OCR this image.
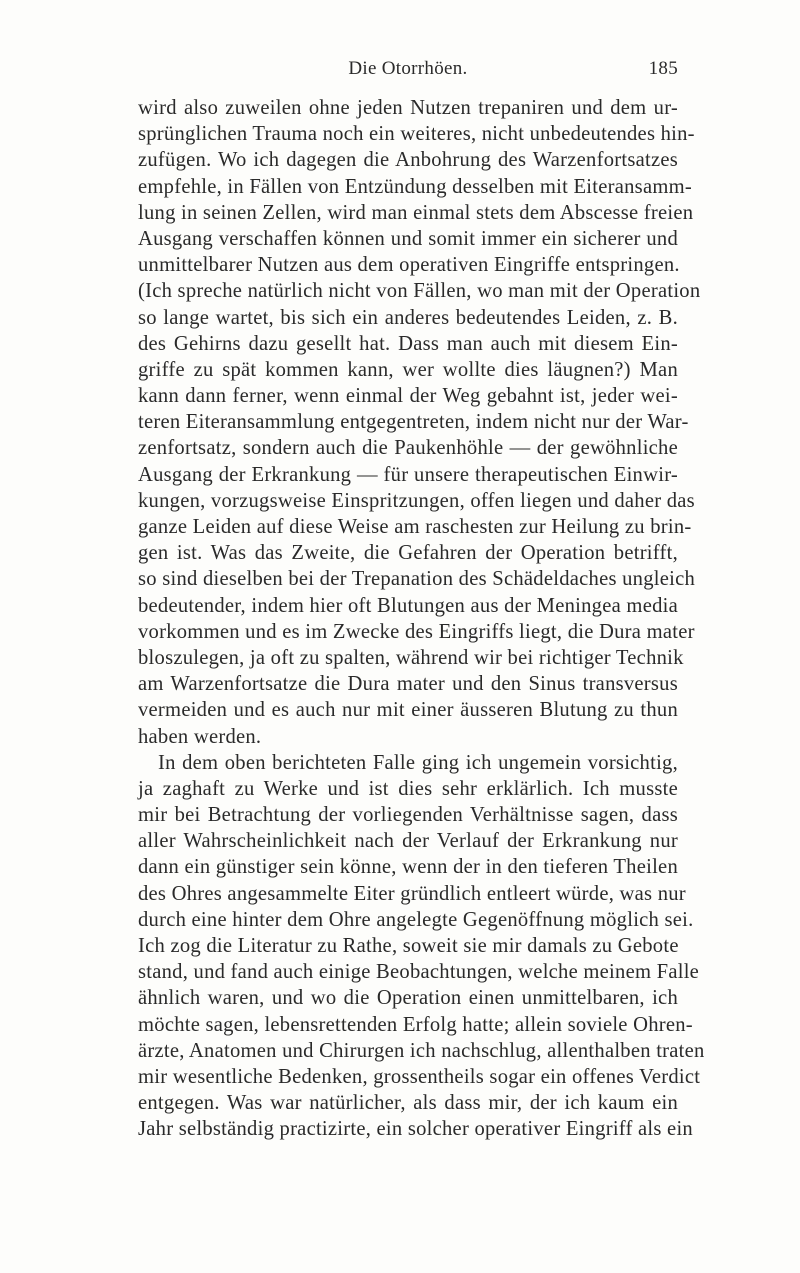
Die Otorrhöen.	185
wird also zuweilen ohne jeden Nutzen trepaniren und dem ur-
sprünglichen Trauma noch ein weiteres, nicht unbedeutendes hin-
zufügen. Wo ich dagegen die Anbohrung des Warzenfortsatzes
empfehle, in Fällen von Entzündung desselben mit Eiteransamm-
lung in seinen Zellen, wird man einmal stets dem Abscesse freien
Ausgang verschaffen können und somit immer ein sicherer und
unmittelbarer Nutzen aus dem operativen Eingriffe entspringen.
(Ich spreche natürlich nicht von Fällen, wo man mit der Operation
so lange wartet, bis sich ein anderes bedeutendes Leiden, z. B.
des Gehirns dazu gesellt hat. Dass man auch mit diesem Ein-
griffe zu spät kommen kann, wer wollte dies läugnen?) Man
kann dann ferner, wenn einmal der Weg gebahnt ist, jeder wei-
teren Eiteransammlung entgegentreten, indem nicht nur der War-
zenfortsatz, sondern auch die Paukenhöhle — der gewöhnliche
Ausgang der Erkrankung — für unsere therapeutischen Einwir-
kungen, vorzugsweise Einspritzungen, offen liegen und daher das
ganze Leiden auf diese Weise am raschesten zur Heilung zu brin-
gen ist. Was das Zweite, die Gefahren der Operation betrifft,
so sind dieselben bei der Trepanation des Schädeldaches ungleich
bedeutender, indem hier oft Blutungen aus der Meningea media
vorkommen und es im Zwecke des Eingriffs liegt, die Dura mater
bloszulegen, ja oft zu spalten, während wir bei richtiger Technik
am Warzenfortsatze die Dura mater und den Sinus transversus
vermeiden und es auch nur mit einer äusseren Blutung zu thun
haben werden.
In dem oben berichteten Falle ging ich ungemein vorsichtig,
ja zaghaft zu Werke und ist dies sehr erklärlich. Ich musste
mir bei Betrachtung der vorliegenden Verhältnisse sagen, dass
aller Wahrscheinlichkeit nach der Verlauf der Erkrankung nur
dann ein günstiger sein könne, wenn der in den tieferen Theilen
des Ohres angesammelte Eiter gründlich entleert würde, was nur
durch eine hinter dem Ohre angelegte Gegenöffnung möglich sei.
Ich zog die Literatur zu Rathe, soweit sie mir damals zu Gebote
stand, und fand auch einige Beobachtungen, welche meinem Falle
ähnlich waren, und wo die Operation einen unmittelbaren, ich
möchte sagen, lebensrettenden Erfolg hatte; allein soviele Ohren-
ärzte, Anatomen und Chirurgen ich nachschlug, allenthalben traten
mir wesentliche Bedenken, grossentheils sogar ein offenes Verdict
entgegen. Was war natürlicher, als dass mir, der ich kaum ein
Jahr selbständig practizirte, ein solcher operativer Eingriff als ein
